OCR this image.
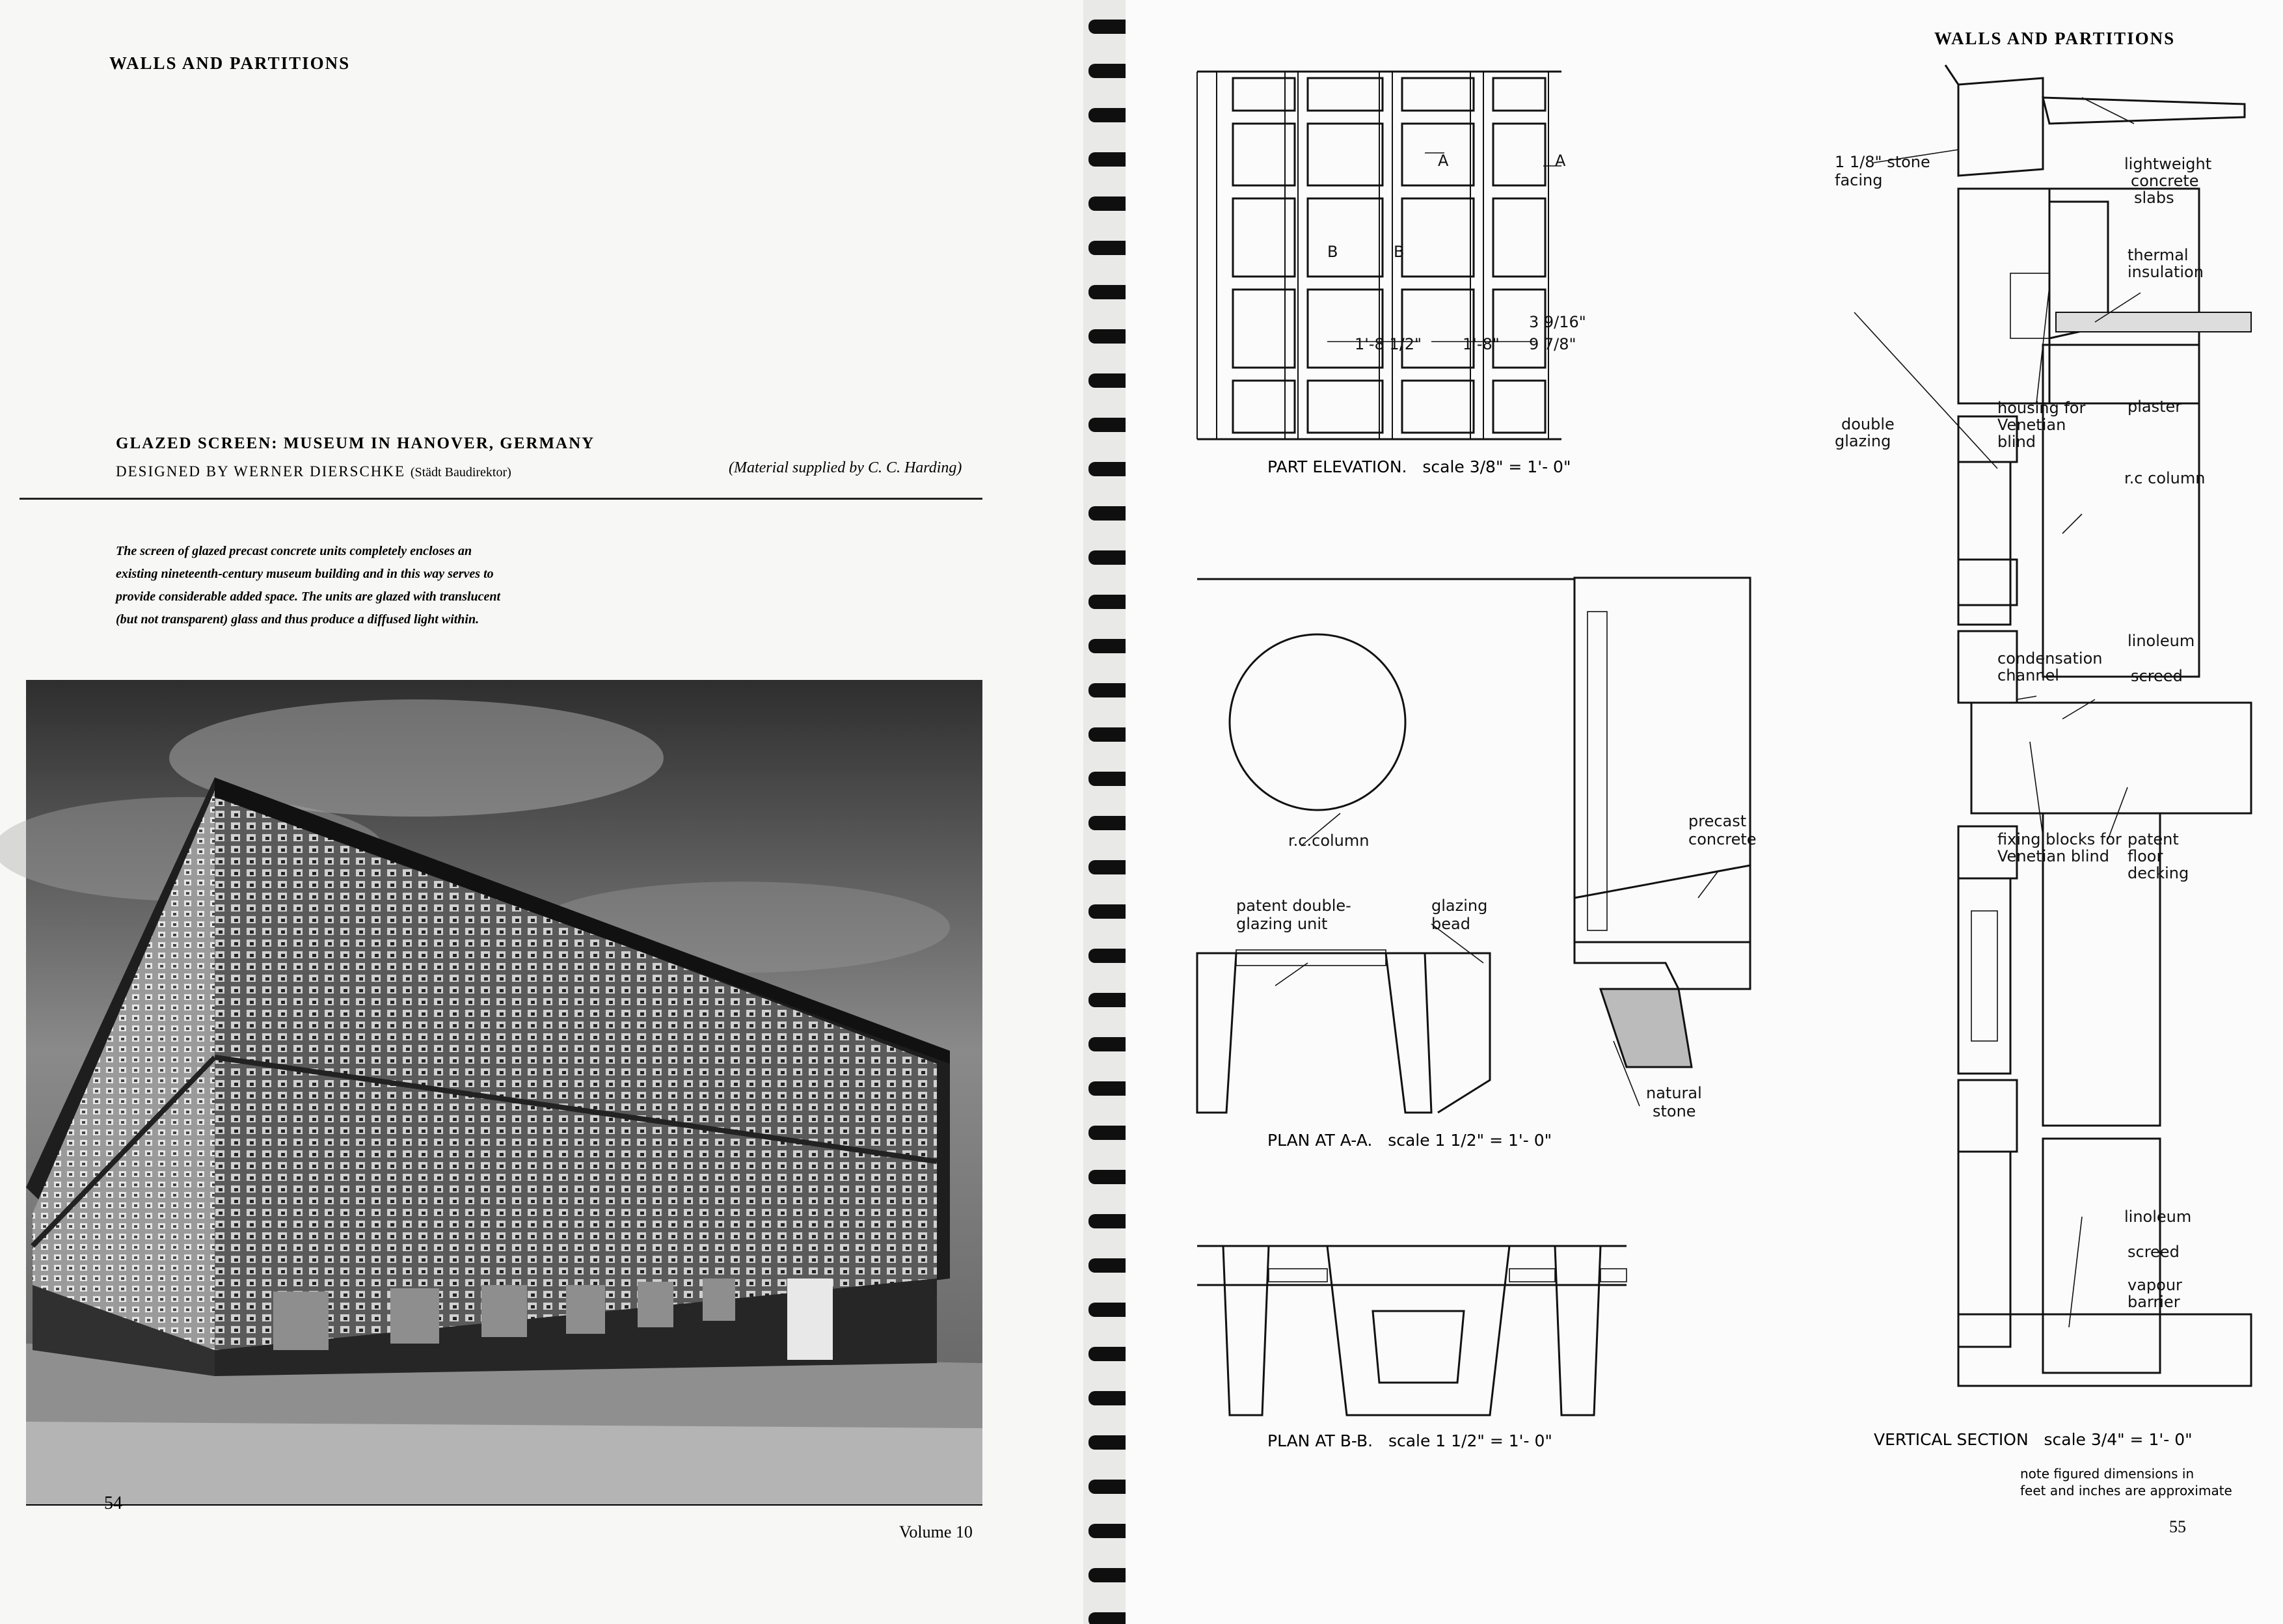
WALLS AND PARTITIONS
GLAZED SCREEN: MUSEUM IN HANOVER, GERMANY
DESIGNED BY WERNER DIERSCHKE (Städt Baudirektor)	(Material supplied by C. C. Harding)

The screen of glazed precast concrete units completely encloses an existing nineteenth-century museum building and in this way serves to provide considerable added space. The units are glazed with translucent (but not transparent) glass and thus produce a diffused light within.

54
Volume 10
WALLS AND PARTITIONS
A	A
B	B
1'-8 1/2"	1'-8"
3 9/16"
9 7/8"
PART ELEVATION. scale 3/8" = 1'- 0"
r.c.column
precast
concrete
patent double-
glazing unit
glazing
bead
natural
stone
PLAN AT A-A. scale 1 1/2" = 1'- 0"
PLAN AT B-B. scale 1 1/2" = 1'- 0"
1 1/8" stone
facing
lightweight
concrete
slabs
thermal
insulation
double
glazing
housing for
Venetian
blind
plaster
r.c column
condensation
channel
linoleum
screed
fixing blocks for
Venetian blind
patent
floor
decking
linoleum
screed
vapour
barrier
VERTICAL SECTION scale 3/4" = 1'- 0"
note figured dimensions in
feet and inches are approximate
55
